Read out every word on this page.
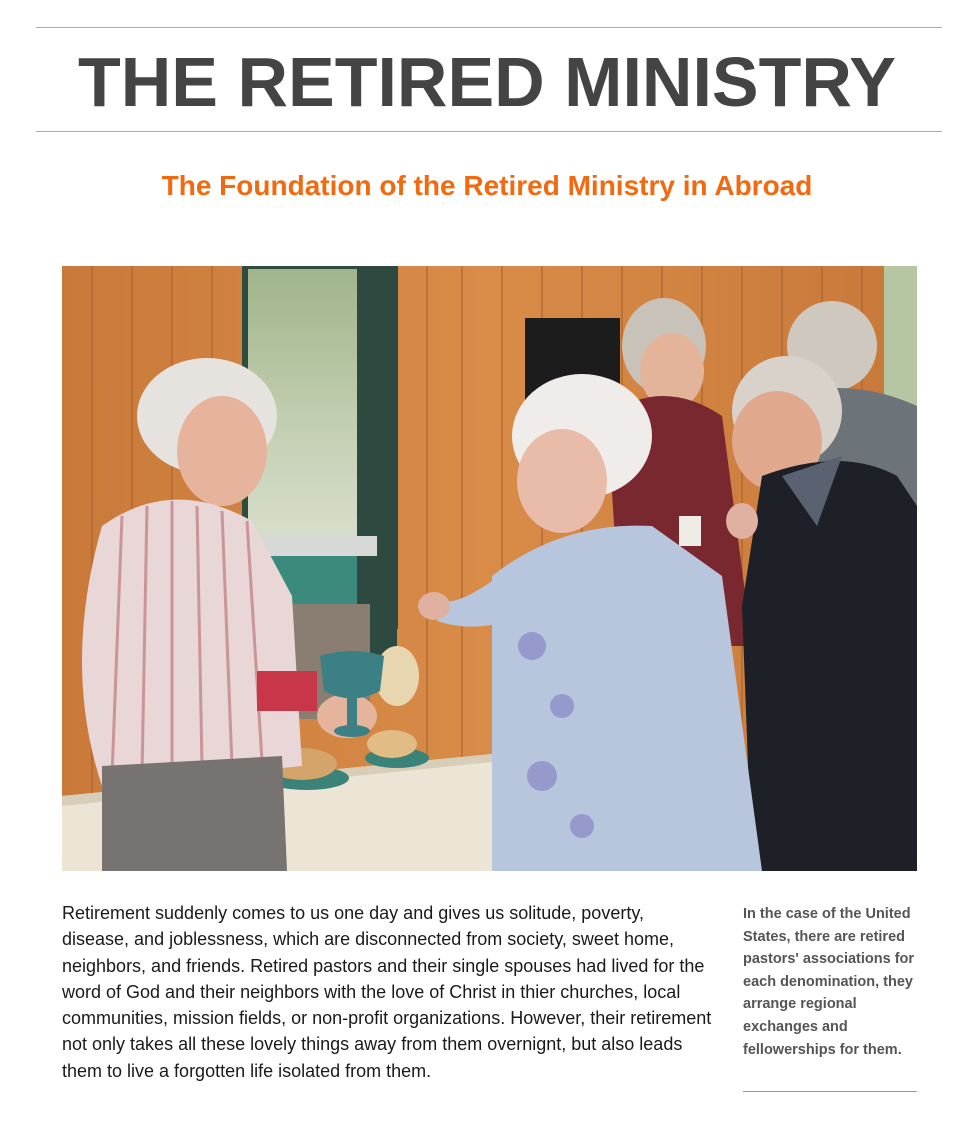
THE RETIRED MINISTRY
The Foundation of the Retired Ministry in Abroad

Retirement suddenly comes to us one day and gives us solitude, poverty, disease, and joblessness, which are disconnected from society, sweet home, neighbors, and friends. Retired pastors and their single spouses had lived for the word of God and their neighbors with the love of Christ in thier churches, local communities, mission fields, or non-profit organizations. However, their retirement not only takes all these lovely things away from them overnignt, but also leads them to live a forgotten life isolated from them.

In the case of the United States, there are retired pastors' associations for each denomination, they arrange regional exchanges and fellowerships for them.
